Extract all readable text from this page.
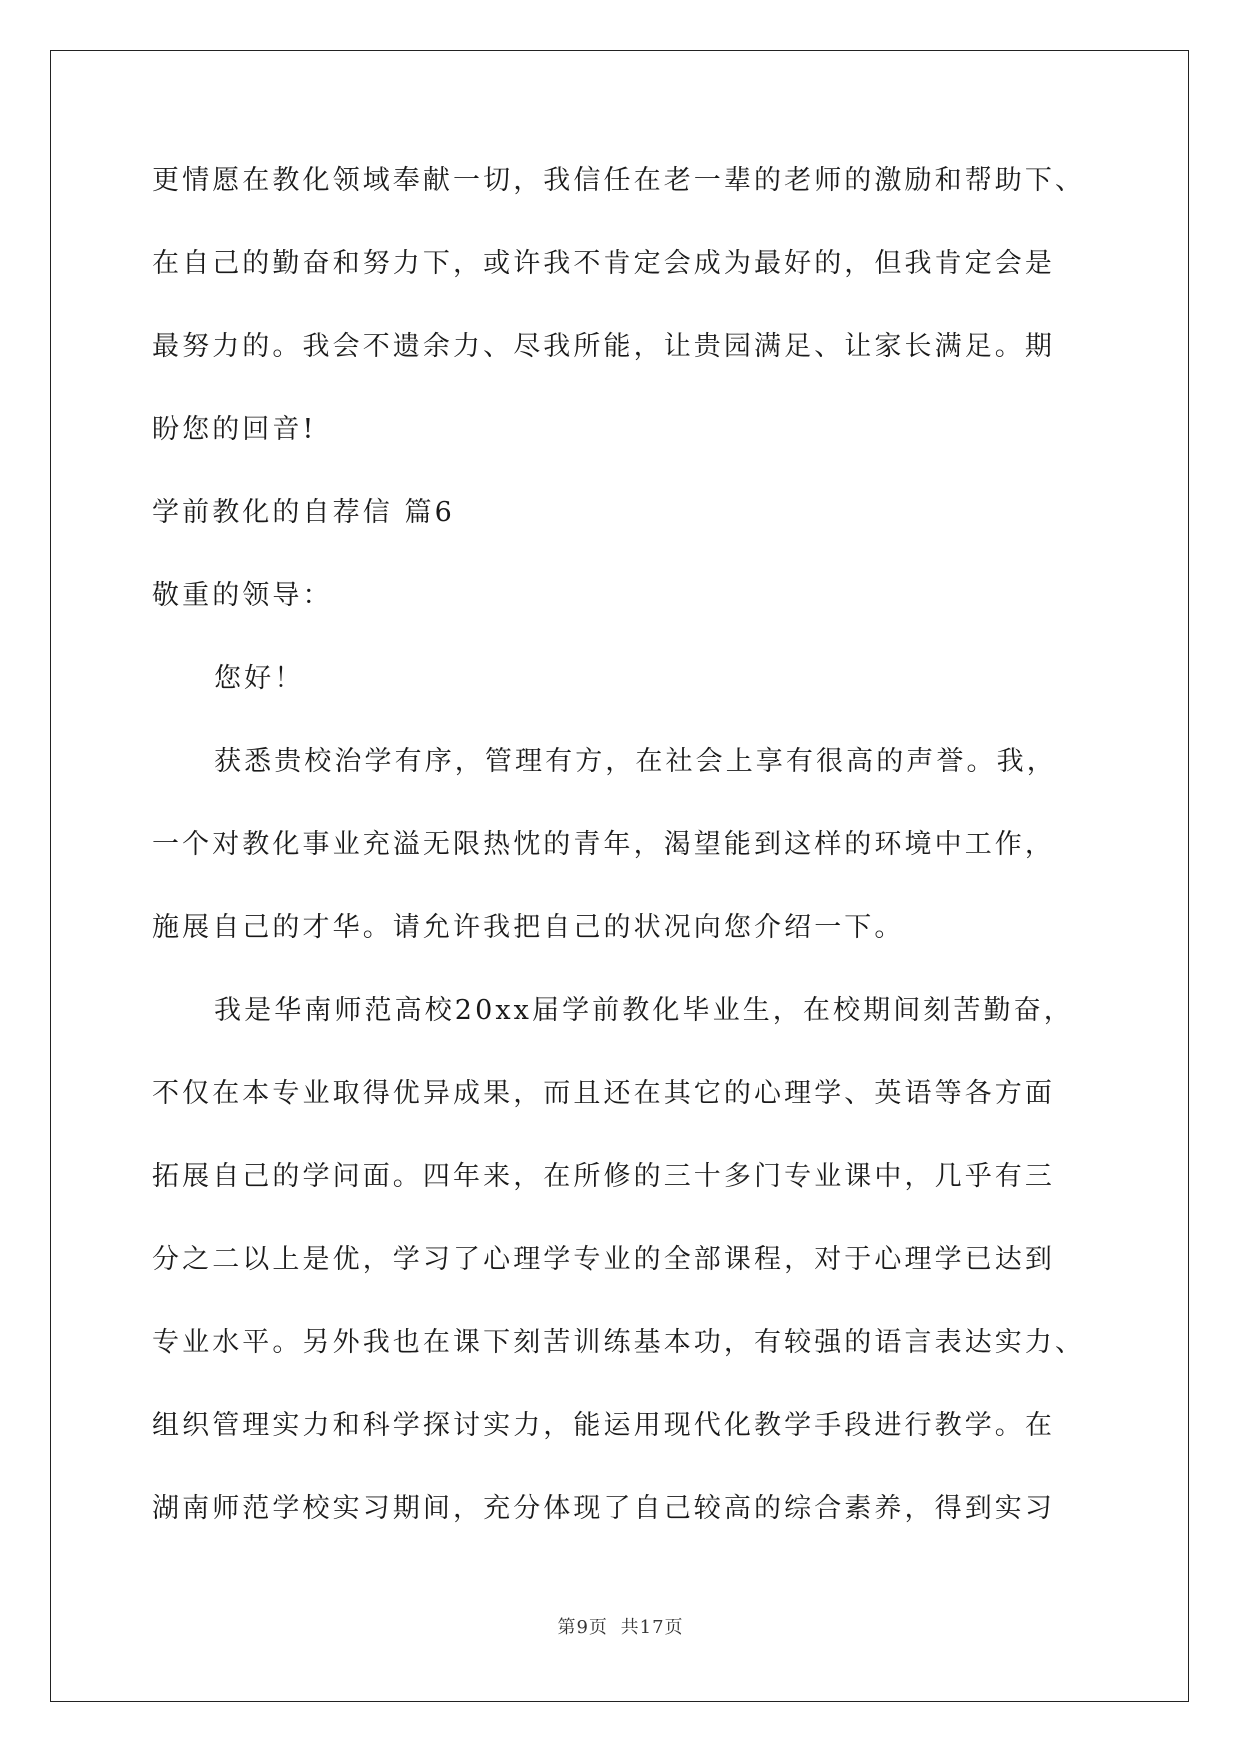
更情愿在教化领域奉献一切，我信任在老一辈的老师的激励和帮助下、
在自己的勤奋和努力下，或许我不肯定会成为最好的，但我肯定会是
最努力的。我会不遗余力、尽我所能，让贵园满足、让家长满足。期
盼您的回音!
学前教化的自荐信 篇6
敬重的领导：
您好！
获悉贵校治学有序，管理有方，在社会上享有很高的声誉。我，
一个对教化事业充溢无限热忱的青年，渴望能到这样的环境中工作，
施展自己的才华。请允许我把自己的状况向您介绍一下。
我是华南师范高校20xx届学前教化毕业生，在校期间刻苦勤奋，
不仅在本专业取得优异成果，而且还在其它的心理学、英语等各方面
拓展自己的学问面。四年来，在所修的三十多门专业课中，几乎有三
分之二以上是优，学习了心理学专业的全部课程，对于心理学已达到
专业水平。另外我也在课下刻苦训练基本功，有较强的语言表达实力、
组织管理实力和科学探讨实力，能运用现代化教学手段进行教学。在
湖南师范学校实习期间，充分体现了自己较高的综合素养，得到实习
第9页 共17页
